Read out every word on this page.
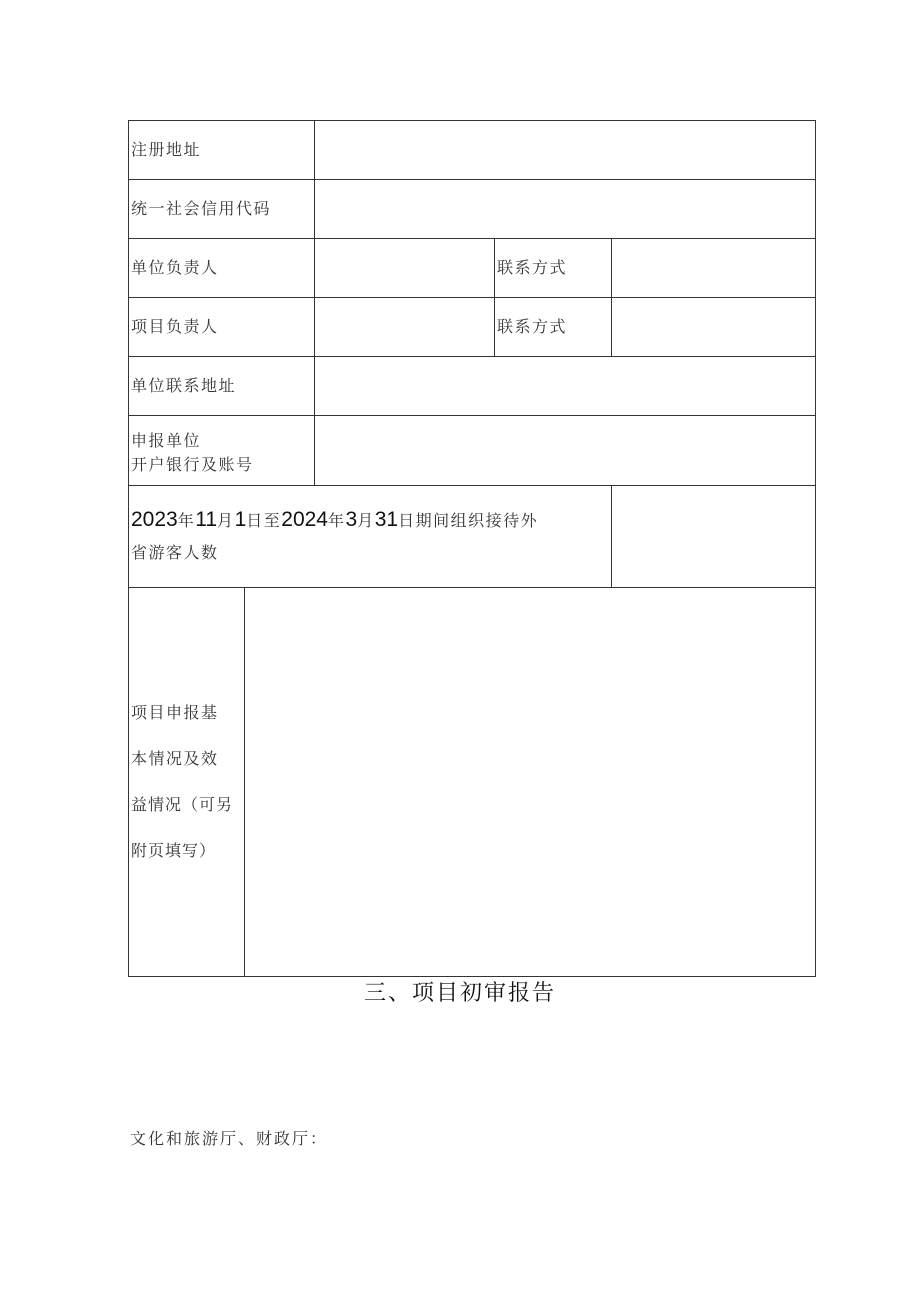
注册地址				
统一社会信用代码				
单位负责人			联系方式	
项目负责人			联系方式	
单位联系地址				

申报单位
开户银行及账号				

2023年11月1日至2024年3月31日期间组织接待外
省游客人数				

项目申报基
本情况及效
益情况（可另
附页填写）				

三、项目初审报告
文化和旅游厅、财政厅：
